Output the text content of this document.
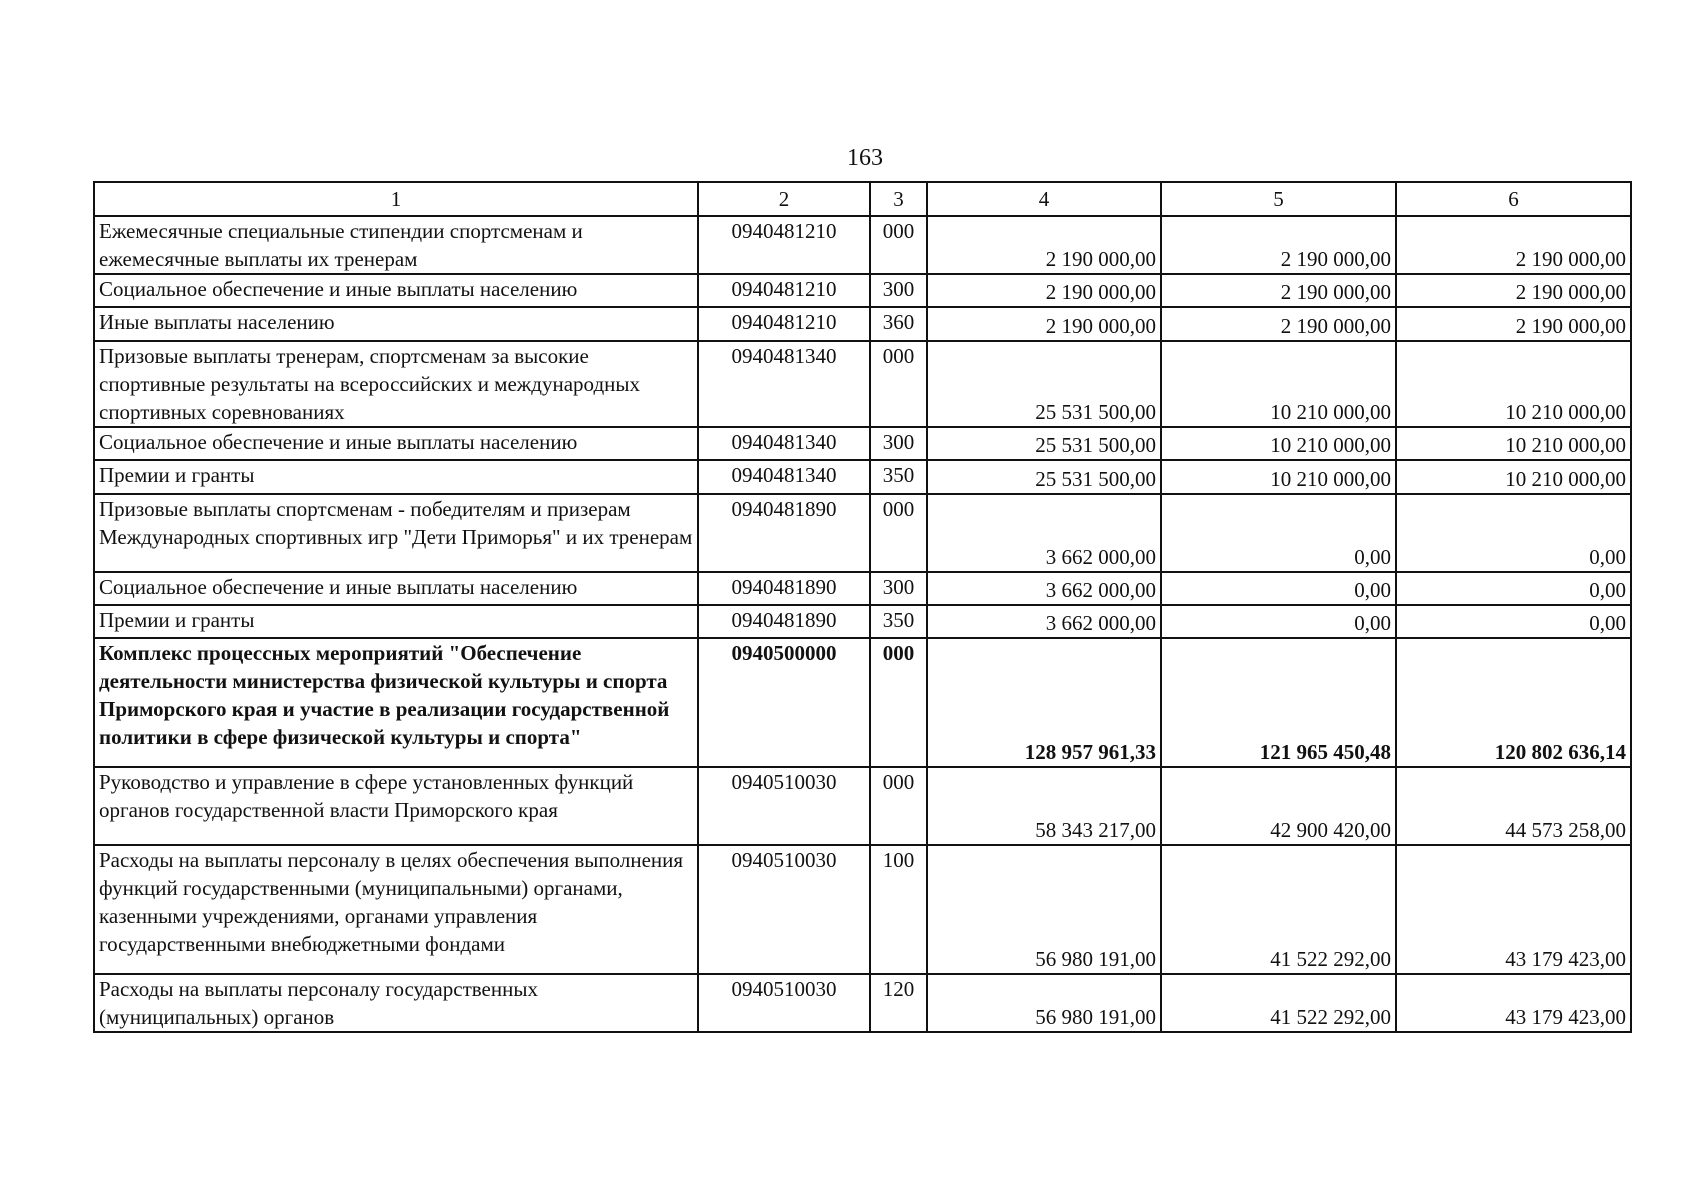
163
1	2	3	4	5	6
Ежемесячные специальные стипендии спортсменам и ежемесячные выплаты их тренерам	0940481210	000	2 190 000,00	2 190 000,00	2 190 000,00
Социальное обеспечение и иные выплаты населению	0940481210	300	2 190 000,00	2 190 000,00	2 190 000,00
Иные выплаты населению	0940481210	360	2 190 000,00	2 190 000,00	2 190 000,00
Призовые выплаты тренерам, спортсменам за высокие спортивные результаты на всероссийских и международных спортивных соревнованиях	0940481340	000	25 531 500,00	10 210 000,00	10 210 000,00
Социальное обеспечение и иные выплаты населению	0940481340	300	25 531 500,00	10 210 000,00	10 210 000,00
Премии и гранты	0940481340	350	25 531 500,00	10 210 000,00	10 210 000,00
Призовые выплаты спортсменам - победителям и призерам Международных спортивных игр "Дети Приморья" и их тренерам	0940481890	000	3 662 000,00	0,00	0,00
Социальное обеспечение и иные выплаты населению	0940481890	300	3 662 000,00	0,00	0,00
Премии и гранты	0940481890	350	3 662 000,00	0,00	0,00
Комплекс процессных мероприятий "Обеспечение деятельности министерства физической культуры и спорта Приморского края и участие в реализации государственной политики в сфере физической культуры и спорта"	0940500000	000	128 957 961,33	121 965 450,48	120 802 636,14
Руководство и управление в сфере установленных функций органов государственной власти Приморского края	0940510030	000	58 343 217,00	42 900 420,00	44 573 258,00
Расходы на выплаты персоналу в целях обеспечения выполнения функций государственными (муниципальными) органами, казенными учреждениями, органами управления государственными внебюджетными фондами	0940510030	100	56 980 191,00	41 522 292,00	43 179 423,00
Расходы на выплаты персоналу государственных (муниципальных) органов	0940510030	120	56 980 191,00	41 522 292,00	43 179 423,00
